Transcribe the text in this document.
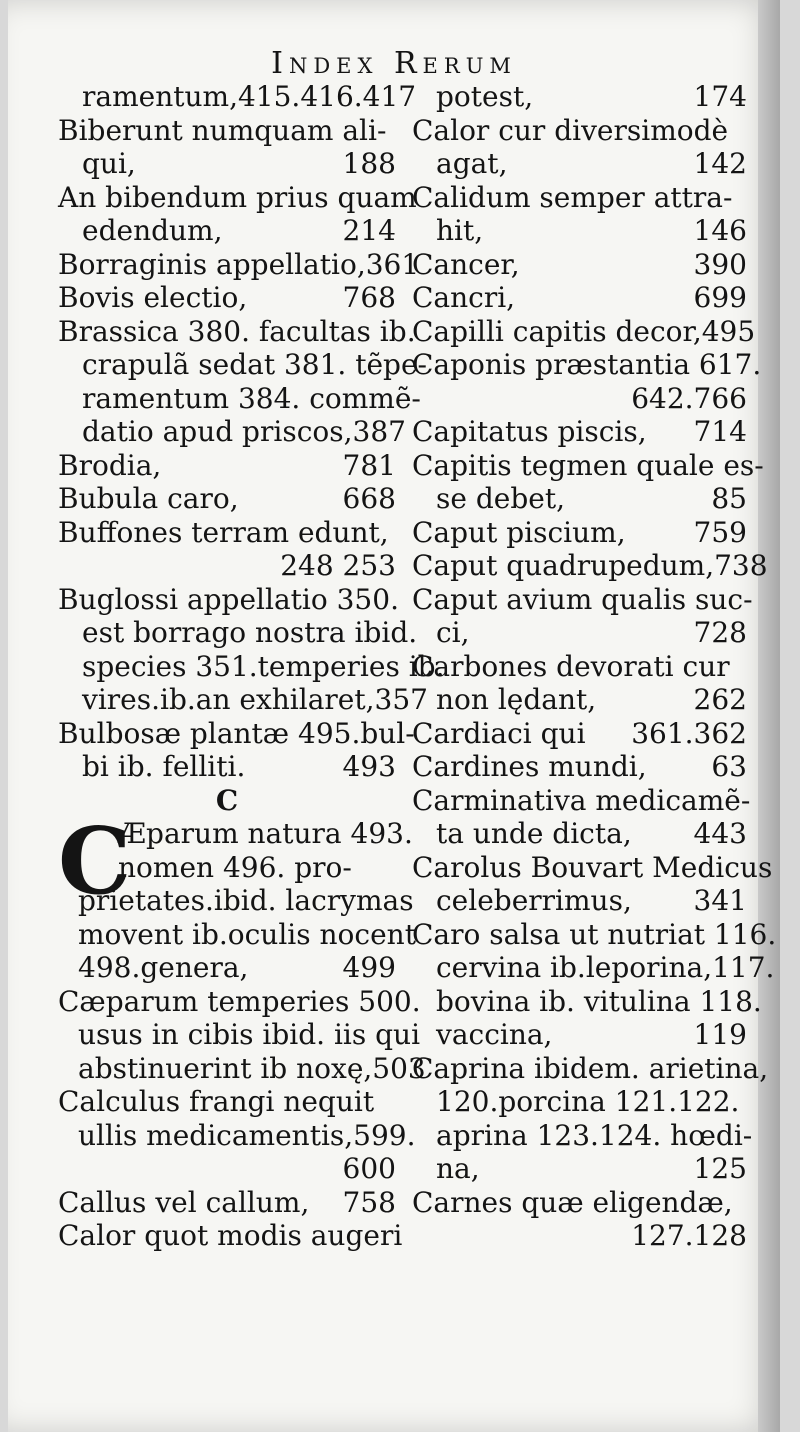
Index Rerum
ramentum,415.416.417
Biberunt numquam ali-
qui,	188
An bibendum prius quam
edendum,	214
Borraginis appellatio,361
Bovis electio,	768
Brassica 380. facultas ib.
crapulã sedat 381. tẽpe-
ramentum 384. commẽ-
datio apud priscos, 387
Brodia,	781
Bubula caro,	668
Buffones terram edunt,
248 253
Buglossi appellatio 350.
est borrago nostra ibid.
species 351.temperies ib.
vires.ib.an exhilaret,357
Bulbosæ plantæ 495.bul-
bi ib. felliti.	493
C
C
Æparum natura 493.
nomen 496. pro-
prietates.ibid. lacrymas
movent ib.oculis nocent
498.genera,	499
Cæparum temperies 500.
usus in cibis ibid. iis qui
abstinuerint ib noxę,503
Calculus frangi nequit
ullis medicamentis,599.
600
Callus vel callum, 758
Calor quot modis augeri
potest,	174
Calor cur diversimodè
agat,	142
Calidum semper attra-
hit,	146
Cancer,	390
Cancri,	699
Capilli capitis decor, 495
Caponis præstantia 617.
642.766
Capitatus piscis, 714
Capitis tegmen quale es-
se debet,	85
Caput piscium, 759
Caput quadrupedum,738
Caput avium qualis suc-
ci,	728
Carbones devorati cur
non lędant,	262
Cardiaci qui 361.362
Cardines mundi, 63
Carminativa medicamẽ-
ta unde dicta, 443
Carolus Bouvart Medicus
celeberrimus, 341
Caro salsa ut nutriat 116.
cervina ib.leporina,117.
bovina ib. vitulina 118.
vaccina,	119
Caprina ibidem. arietina,
120.porcina 121.122.
aprina 123.124. hœdi-
na,	125
Carnes quæ eligendæ,
127.128
